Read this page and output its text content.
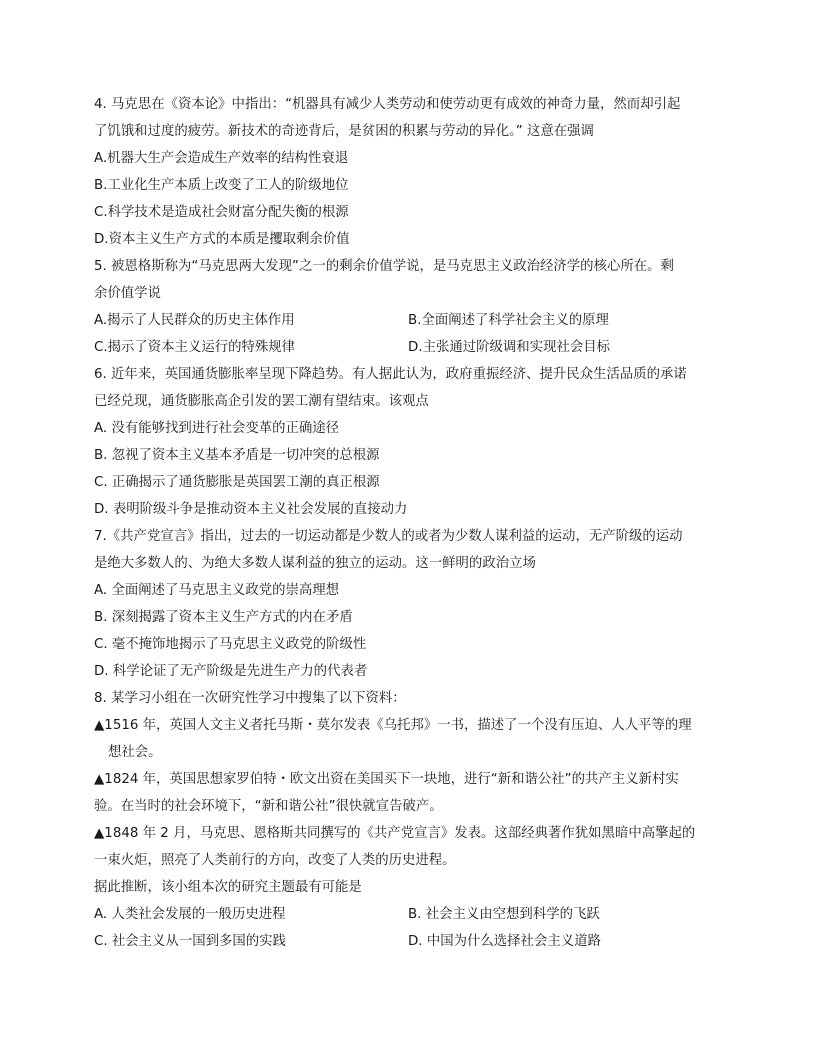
4. 马克思在《资本论》中指出：“机器具有减少人类劳动和使劳动更有成效的神奇力量，然而却引起
了饥饿和过度的疲劳。新技术的奇迹背后，是贫困的积累与劳动的异化。” 这意在强调
A.机器大生产会造成生产效率的结构性衰退
B.工业化生产本质上改变了工人的阶级地位
C.科学技术是造成社会财富分配失衡的根源
D.资本主义生产方式的本质是攫取剩余价值
5. 被恩格斯称为“马克思两大发现”之一的剩余价值学说，是马克思主义政治经济学的核心所在。剩
余价值学说
A.揭示了人民群众的历史主体作用	B.全面阐述了科学社会主义的原理
C.揭示了资本主义运行的特殊规律	D.主张通过阶级调和实现社会目标
6. 近年来，英国通货膨胀率呈现下降趋势。有人据此认为，政府重振经济、提升民众生活品质的承诺
已经兑现，通货膨胀高企引发的罢工潮有望结束。该观点
A. 没有能够找到进行社会变革的正确途径
B. 忽视了资本主义基本矛盾是一切冲突的总根源
C. 正确揭示了通货膨胀是英国罢工潮的真正根源
D. 表明阶级斗争是推动资本主义社会发展的直接动力
7.《共产党宣言》指出，过去的一切运动都是少数人的或者为少数人谋利益的运动，无产阶级的运动
是绝大多数人的、为绝大多数人谋利益的独立的运动。这一鲜明的政治立场
A. 全面阐述了马克思主义政党的崇高理想
B. 深刻揭露了资本主义生产方式的内在矛盾
C. 毫不掩饰地揭示了马克思主义政党的阶级性
D. 科学论证了无产阶级是先进生产力的代表者
8. 某学习小组在一次研究性学习中搜集了以下资料：
▲1516 年，英国人文主义者托马斯・莫尔发表《乌托邦》一书，描述了一个没有压迫、人人平等的理
想社会。
▲1824 年，英国思想家罗伯特・欧文出资在美国买下一块地，进行“新和谐公社”的共产主义新村实
验。在当时的社会环境下，“新和谐公社”很快就宣告破产。
▲1848 年 2 月，马克思、恩格斯共同撰写的《共产党宣言》发表。这部经典著作犹如黑暗中高擎起的
一束火炬，照亮了人类前行的方向，改变了人类的历史进程。
据此推断，该小组本次的研究主题最有可能是
A. 人类社会发展的一般历史进程	B. 社会主义由空想到科学的飞跃
C. 社会主义从一国到多国的实践	D. 中国为什么选择社会主义道路
